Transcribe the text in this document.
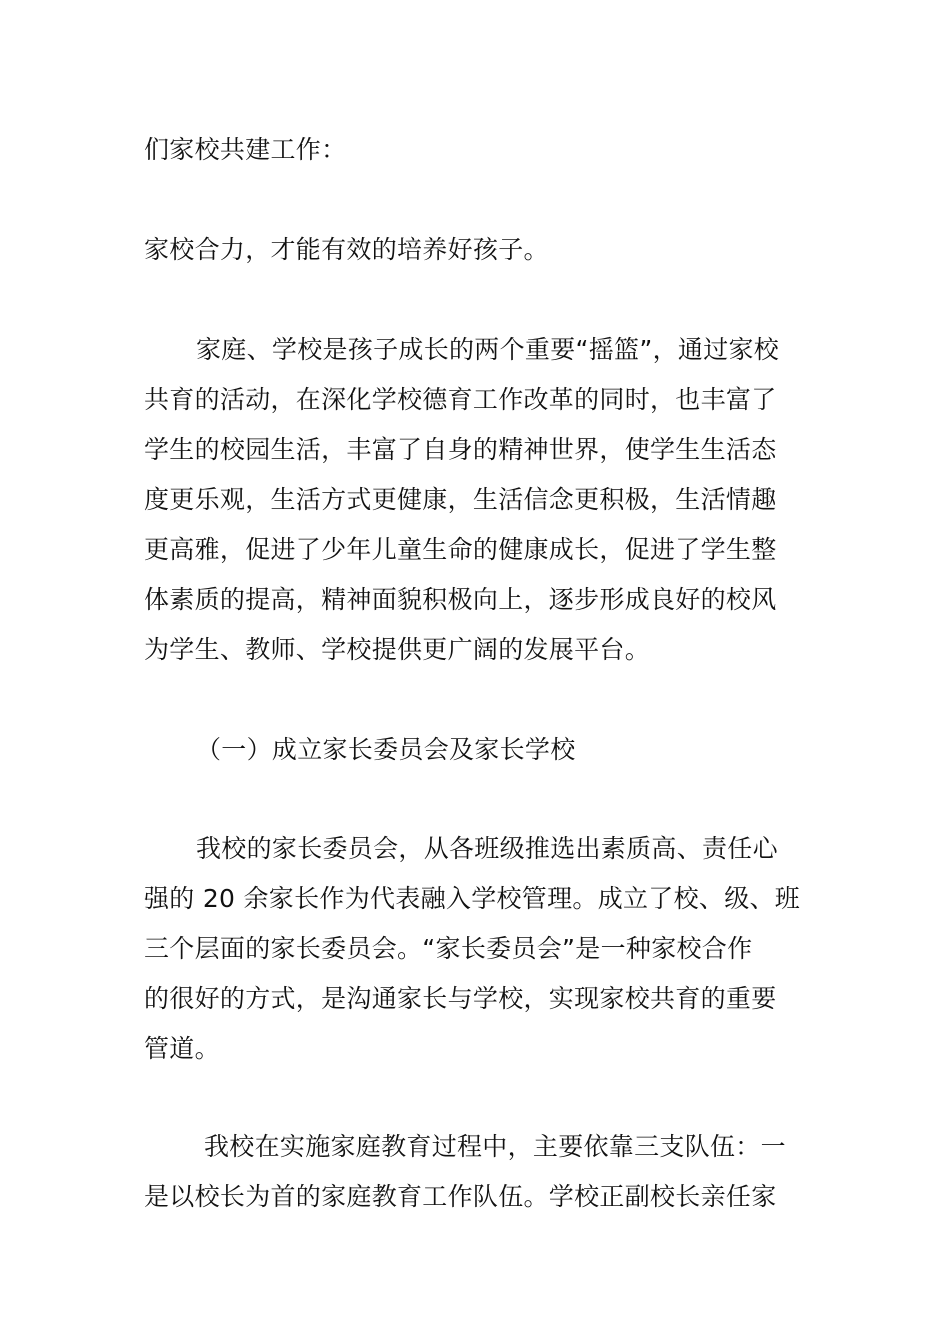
们家校共建工作：
家校合力，才能有效的培养好孩子。
家庭、学校是孩子成长的两个重要“摇篮”，通过家校
共育的活动，在深化学校德育工作改革的同时，也丰富了
学生的校园生活，丰富了自身的精神世界，使学生生活态
度更乐观，生活方式更健康，生活信念更积极，生活情趣
更高雅，促进了少年儿童生命的健康成长，促进了学生整
体素质的提高，精神面貌积极向上，逐步形成良好的校风
为学生、教师、学校提供更广阔的发展平台。
（一）成立家长委员会及家长学校
我校的家长委员会，从各班级推选出素质高、责任心
强的 20 余家长作为代表融入学校管理。成立了校、级、班
三个层面的家长委员会。“家长委员会”是一种家校合作
的很好的方式，是沟通家长与学校，实现家校共育的重要
管道。
我校在实施家庭教育过程中，主要依靠三支队伍：一
是以校长为首的家庭教育工作队伍。学校正副校长亲任家
